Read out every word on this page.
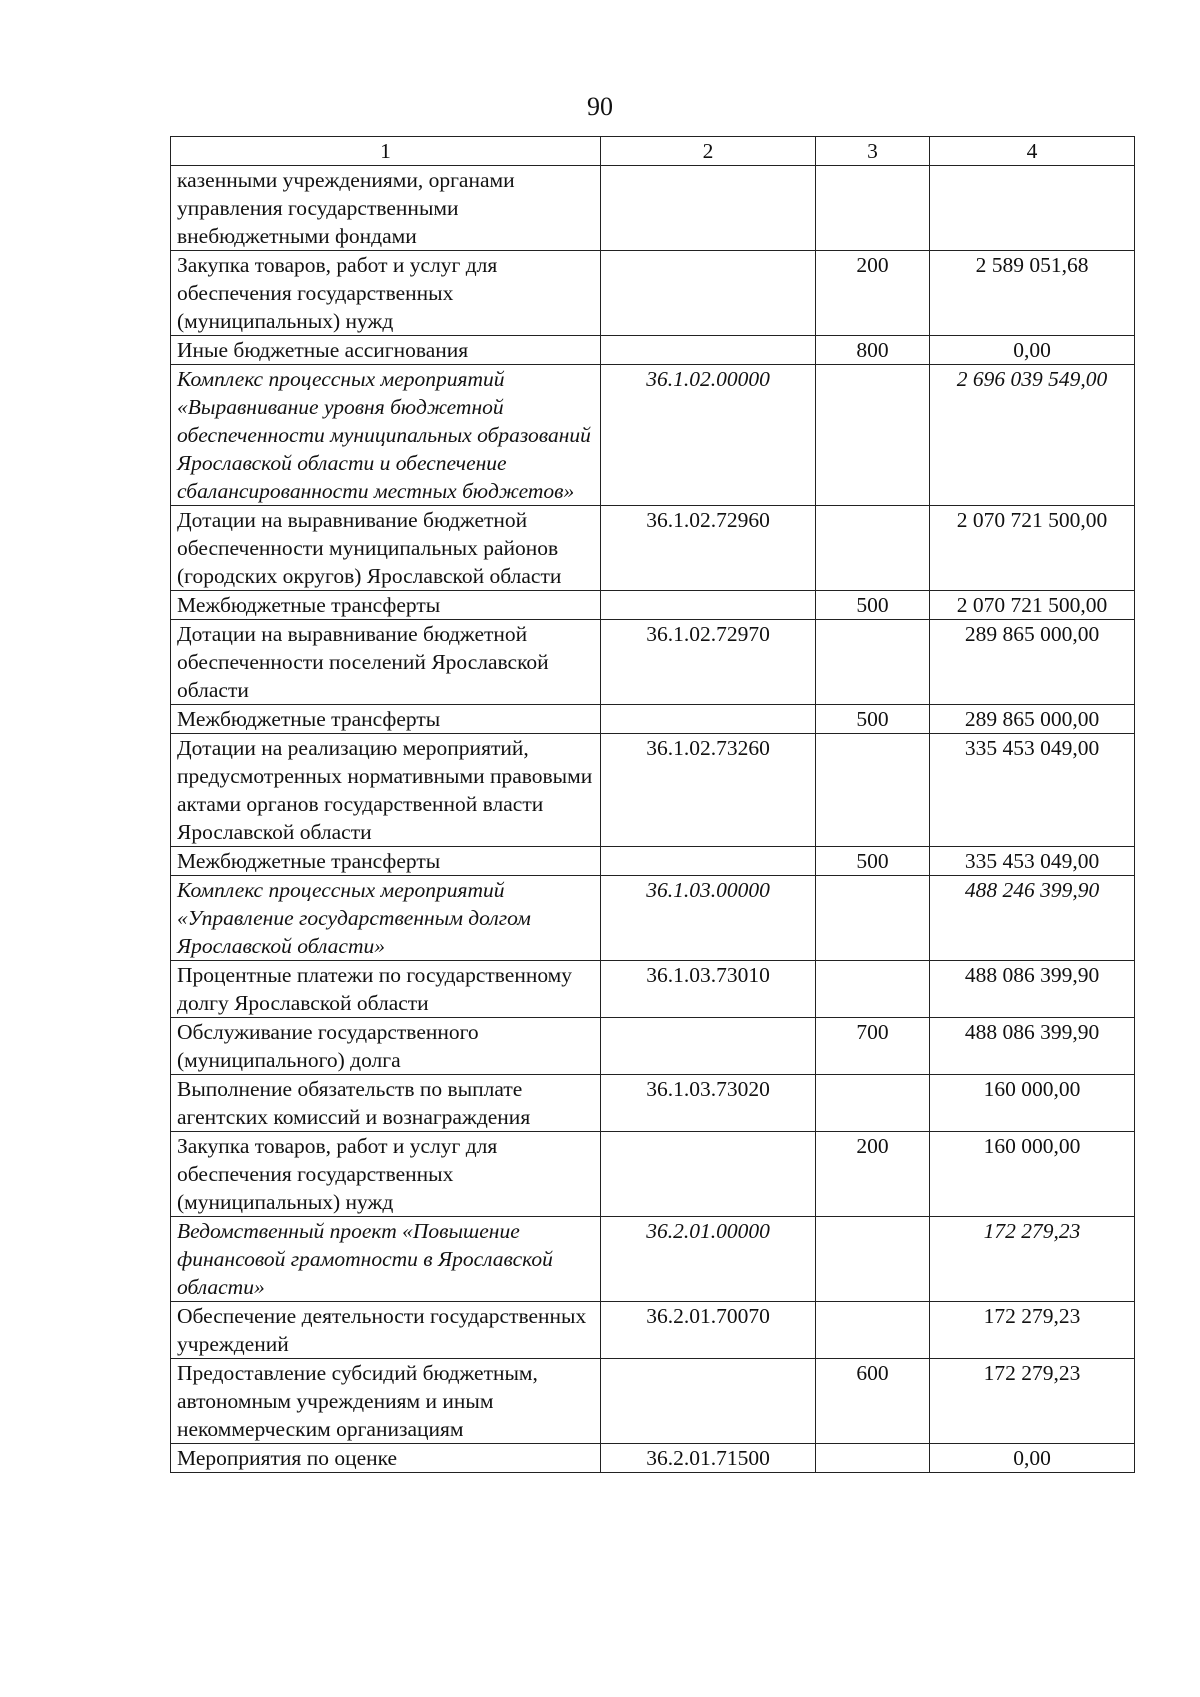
90
1	2	3	4
казенными учреждениями, органами управления государственными внебюджетными фондами			
Закупка товаров, работ и услуг для обеспечения государственных (муниципальных) нужд		200	2 589 051,68
Иные бюджетные ассигнования		800	0,00
Комплекс процессных мероприятий «Выравнивание уровня бюджетной обеспеченности муниципальных образований Ярославской области и обеспечение сбалансированности местных бюджетов»	36.1.02.00000		2 696 039 549,00
Дотации на выравнивание бюджетной обеспеченности муниципальных районов (городских округов) Ярославской области	36.1.02.72960		2 070 721 500,00
Межбюджетные трансферты		500	2 070 721 500,00
Дотации на выравнивание бюджетной обеспеченности поселений Ярославской области	36.1.02.72970		289 865 000,00
Межбюджетные трансферты		500	289 865 000,00
Дотации на реализацию мероприятий, предусмотренных нормативными правовыми актами органов государственной власти Ярославской области	36.1.02.73260		335 453 049,00
Межбюджетные трансферты		500	335 453 049,00
Комплекс процессных мероприятий «Управление государственным долгом Ярославской области»	36.1.03.00000		488 246 399,90
Процентные платежи по государственному долгу Ярославской области	36.1.03.73010		488 086 399,90
Обслуживание государственного (муниципального) долга		700	488 086 399,90
Выполнение обязательств по выплате агентских комиссий и вознаграждения	36.1.03.73020		160 000,00
Закупка товаров, работ и услуг для обеспечения государственных (муниципальных) нужд		200	160 000,00
Ведомственный проект «Повышение финансовой грамотности в Ярославской области»	36.2.01.00000		172 279,23
Обеспечение деятельности государственных учреждений	36.2.01.70070		172 279,23
Предоставление субсидий бюджетным, автономным учреждениям и иным некоммерческим организациям		600	172 279,23
Мероприятия по оценке	36.2.01.71500		0,00
